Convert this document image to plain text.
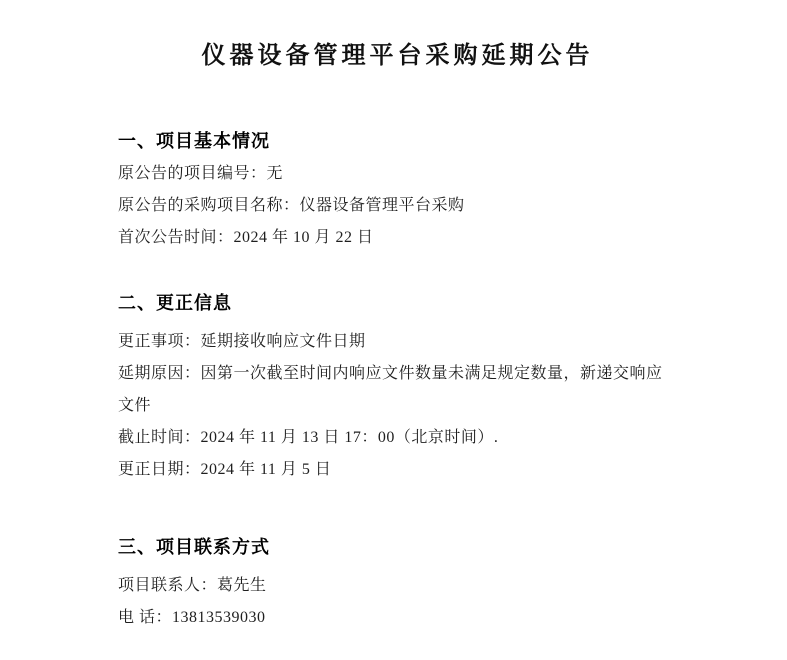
仪器设备管理平台采购延期公告
一、项目基本情况

原公告的项目编号：无

原公告的采购项目名称：仪器设备管理平台采购

首次公告时间：2024 年 10 月 22 日

二、更正信息

更正事项：延期接收响应文件日期

延期原因：因第一次截至时间内响应文件数量未满足规定数量，新递交响应文件

截止时间：2024 年 11 月 13 日 17：00（北京时间）.

更正日期：2024 年 11 月 5 日

三、项目联系方式

项目联系人：葛先生

电 话：13813539030
